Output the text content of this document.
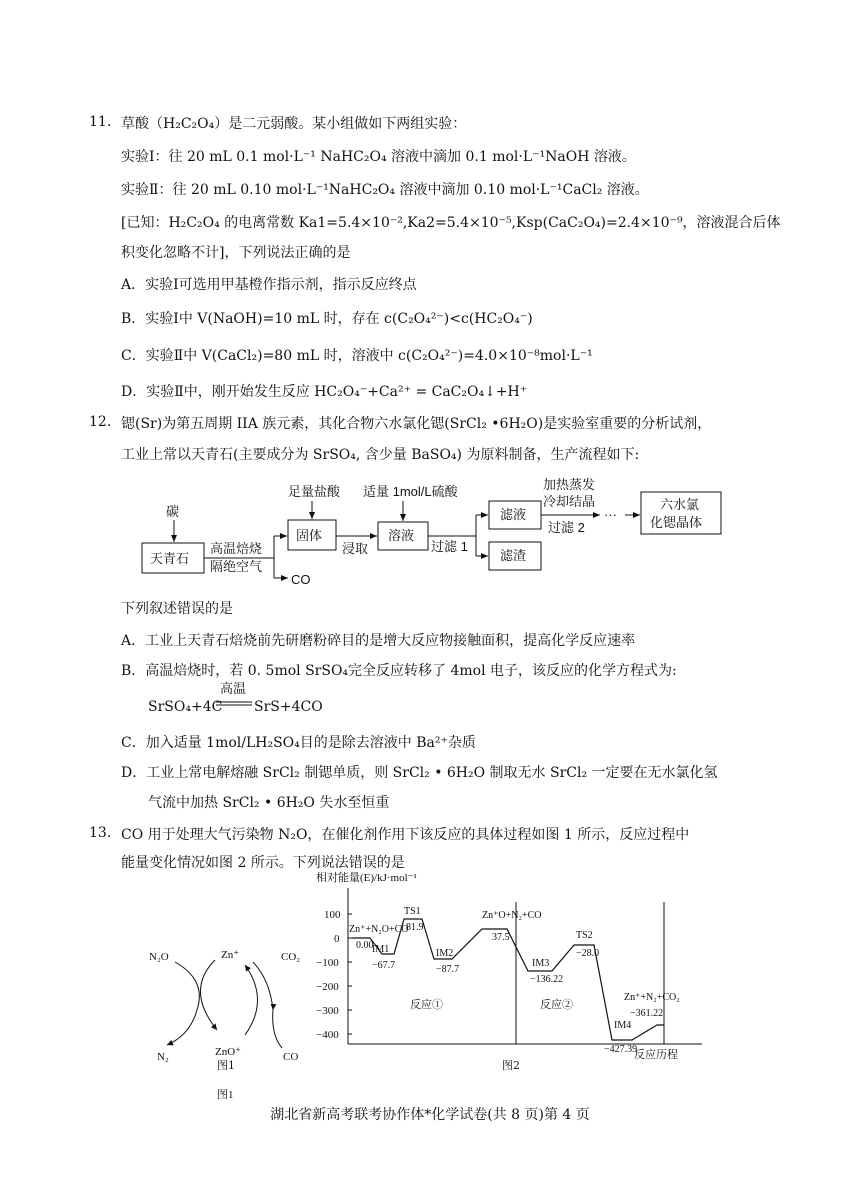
11. 草酸（H₂C₂O₄）是二元弱酸。某小组做如下两组实验：
实验Ⅰ：往 20 mL 0.1 mol·L⁻¹ NaHC₂O₄ 溶液中滴加 0.1 mol·L⁻¹NaOH 溶液。
实验Ⅱ：往 20 mL 0.10 mol·L⁻¹NaHC₂O₄ 溶液中滴加 0.10 mol·L⁻¹CaCl₂ 溶液。
[已知：H₂C₂O₄ 的电离常数 Ka1=5.4×10⁻²,Ka2=5.4×10⁻⁵,Ksp(CaC₂O₄)=2.4×10⁻⁹，溶液混合后体
积变化忽略不计]，下列说法正确的是
A．实验Ⅰ可选用甲基橙作指示剂，指示反应终点
B．实验Ⅰ中 V(NaOH)=10 mL 时，存在 c(C₂O₄²⁻)<c(HC₂O₄⁻)
C．实验Ⅱ中 V(CaCl₂)=80 mL 时，溶液中 c(C₂O₄²⁻)=4.0×10⁻⁸mol·L⁻¹
D．实验Ⅱ中，刚开始发生反应 HC₂O₄⁻+Ca²⁺ = CaC₂O₄↓+H⁺
12. 锶(Sr)为第五周期 IIA 族元素，其化合物六水氯化锶(SrCl₂ •6H₂O)是实验室重要的分析试剂，
工业上常以天青石(主要成分为 SrSO₄, 含少量 BaSO₄) 为原料制备，生产流程如下:
碳
天青石
高温焙烧
隔绝空气
CO
足量盐酸
固体
浸取
适量 1mol/L硫酸
溶液
过滤 1
滤液
滤渣
加热蒸发
冷却结晶
过滤 2
···
六水氯
化锶晶体
下列叙述错误的是
A．工业上天青石焙烧前先研磨粉碎目的是增大反应物接触面积，提高化学反应速率
B．高温焙烧时，若 0. 5mol SrSO₄完全反应转移了 4mol 电子，该反应的化学方程式为:
SrSO₄+4C
高温
SrS+4CO
C．加入适量 1mol/LH₂SO₄目的是除去溶液中 Ba²⁺杂质
D．工业上常电解熔融 SrCl₂ 制锶单质，则 SrCl₂ • 6H₂O 制取无水 SrCl₂ 一定要在无水氯化氢
气流中加热 SrCl₂ • 6H₂O 失水至恒重
13. CO 用于处理大气污染物 N₂O，在催化剂作用下该反应的具体过程如图 1 所示，反应过程中
能量变化情况如图 2 所示。下列说法错误的是
N₂O	Zn⁺	CO₂
N₂	ZnO⁺	CO
图1
图1
相对能量(E)/kJ·mol⁻¹
100
0
−100
−200
−300
−400
Zn⁺+N₂O+CO
0.00
IM1
−67.7
TS1
81.9
IM2
−87.7
Zn⁺O+N₂+CO
37.5
IM3
−136.22
TS2
−28.0
IM4
−427.39
Zn⁺+N₂+CO₂
−361.22
反应①	反应②
反应历程
图2
湖北省新高考联考协作体*化学试卷(共 8 页)第 4 页
